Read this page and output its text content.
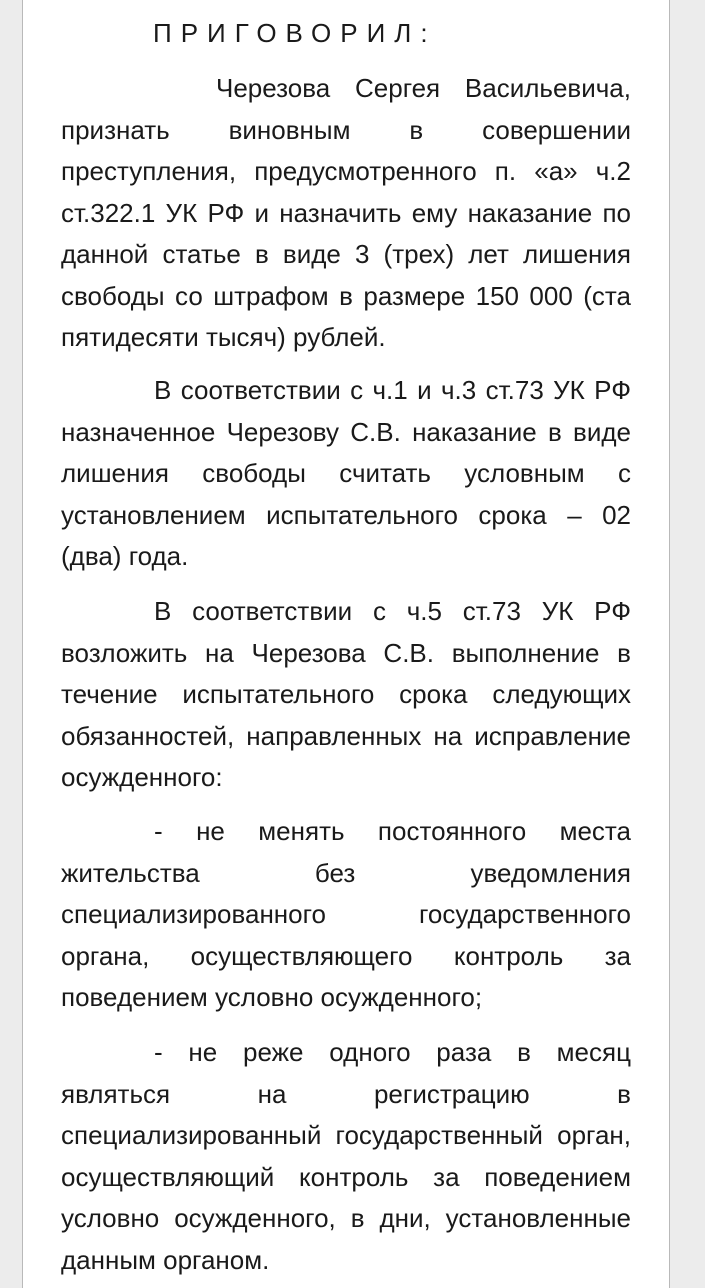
ПРИГОВОРИЛ:

Черезова Сергея Васильевича, признать виновным в совершении преступления, предусмотренного п. «а» ч.2 ст.322.1 УК РФ и назначить ему наказание по данной статье в виде 3 (трех) лет лишения свободы со штрафом в размере 150 000 (ста пятидесяти тысяч) рублей.

В соответствии с ч.1 и ч.3 ст.73 УК РФ назначенное Черезову С.В. наказание в виде лишения свободы считать условным с установлением испытательного срока – 02 (два) года.

В соответствии с ч.5 ст.73 УК РФ возложить на Черезова С.В. выполнение в течение испытательного срока следующих обязанностей, направленных на исправление осужденного:

- не менять постоянного места жительства без уведомления специализированного государственного органа, осуществляющего контроль за поведением условно осужденного;

- не реже одного раза в месяц являться на регистрацию в специализированный государственный орган, осуществляющий контроль за поведением условно осужденного, в дни, установленные данным органом.
